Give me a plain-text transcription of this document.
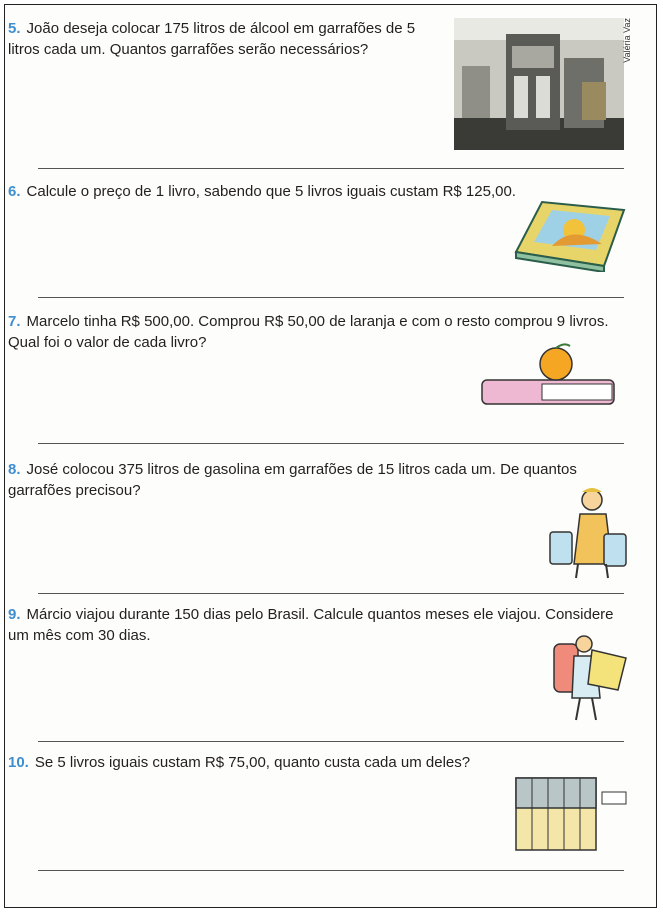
5. João deseja colocar 175 litros de álcool em garrafões de 5 litros cada um. Quantos garrafões serão necessários?	Valéria Vaz
6. Calcule o preço de 1 livro, sabendo que 5 livros iguais custam R$ 125,00.
7. Marcelo tinha R$ 500,00. Comprou R$ 50,00 de laranja e com o resto comprou 9 livros. Qual foi o valor de cada livro?
8. José colocou 375 litros de gasolina em garrafões de 15 litros cada um. De quantos garrafões precisou?
9. Márcio viajou durante 150 dias pelo Brasil. Calcule quantos meses ele viajou. Considere um mês com 30 dias.
10. Se 5 livros iguais custam R$ 75,00, quanto custa cada um deles?
